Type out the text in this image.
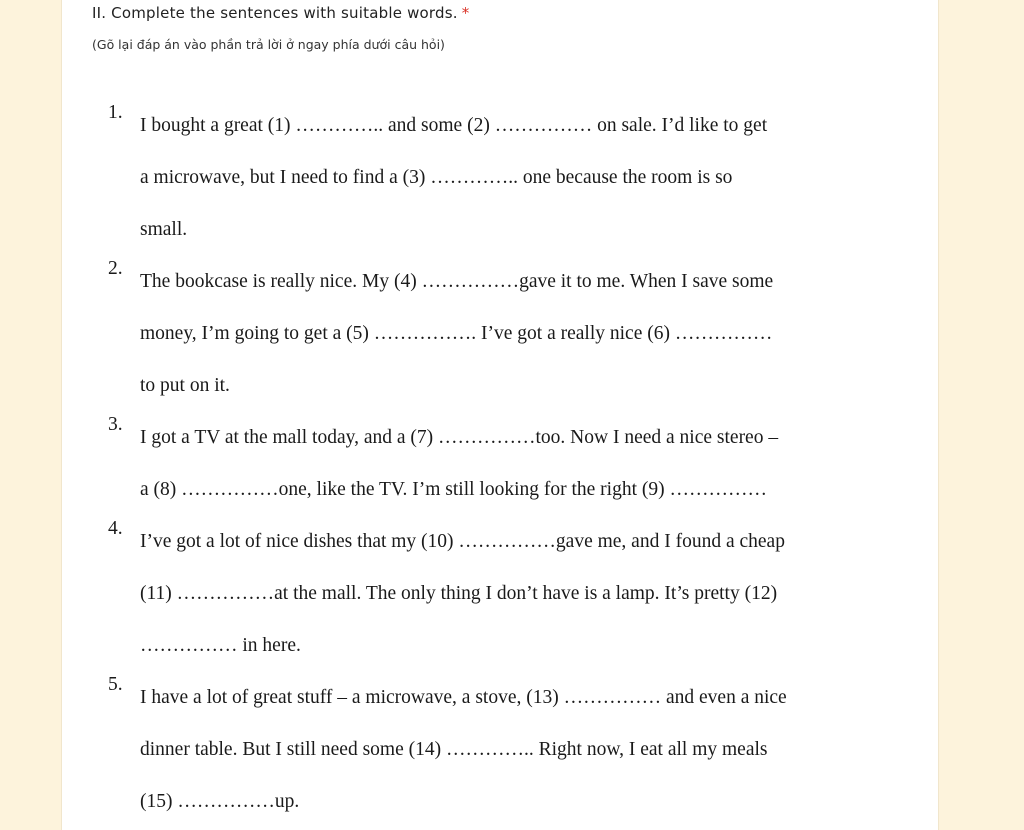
II. Complete the sentences with suitable words. *
(Gõ lại đáp án vào phần trả lời ở ngay phía dưới câu hỏi)
1.
I bought a great (1) ………….. and some (2) …………… on sale. I’d like to get
a microwave, but I need to find a (3) ………….. one because the room is so
small.
2.
The bookcase is really nice. My (4) ……………gave it to me. When I save some
money, I’m going to get a (5) ……………. I’ve got a really nice (6) ……………
to put on it.
3.
I got a TV at the mall today, and a (7) ……………too. Now I need a nice stereo –
a (8) ……………one, like the TV. I’m still looking for the right (9) ……………
4.
I’ve got a lot of nice dishes that my (10) ……………gave me, and I found a cheap
(11) ……………at the mall. The only thing I don’t have is a lamp. It’s pretty (12)
…………… in here.
5.
I have a lot of great stuff – a microwave, a stove, (13) …………… and even a nice
dinner table. But I still need some (14) ………….. Right now, I eat all my meals
(15) ……………up.
